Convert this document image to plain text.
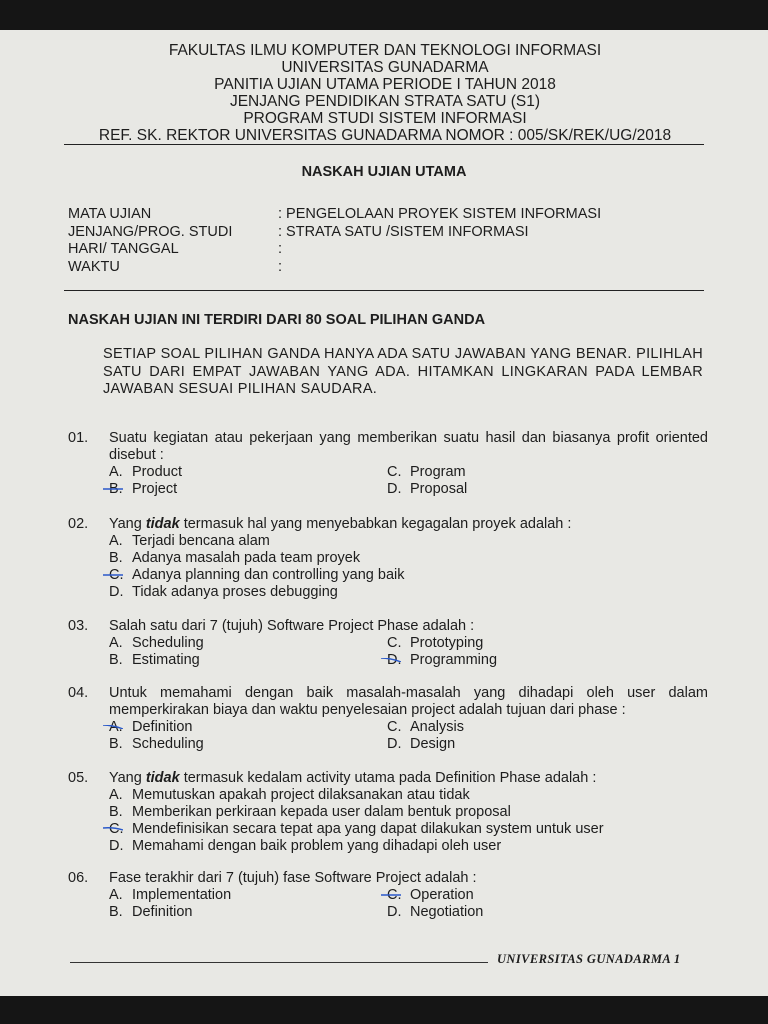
FAKULTAS ILMU KOMPUTER DAN TEKNOLOGI INFORMASI
UNIVERSITAS GUNADARMA
PANITIA UJIAN UTAMA PERIODE I TAHUN 2018
JENJANG PENDIDIKAN STRATA SATU (S1)
PROGRAM STUDI SISTEM INFORMASI
REF. SK. REKTOR UNIVERSITAS GUNADARMA NOMOR : 005/SK/REK/UG/2018
NASKAH UJIAN UTAMA
MATA UJIAN	: PENGELOLAAN PROYEK SISTEM INFORMASI
JENJANG/PROG. STUDI	: STRATA SATU /SISTEM INFORMASI
HARI/ TANGGAL	:
WAKTU	:
NASKAH UJIAN INI TERDIRI DARI 80 SOAL PILIHAN GANDA
SETIAP SOAL PILIHAN GANDA HANYA ADA SATU JAWABAN YANG BENAR. PILIHLAH SATU DARI EMPAT JAWABAN YANG ADA. HITAMKAN LINGKARAN PADA LEMBAR JAWABAN SESUAI PILIHAN SAUDARA.
01. Suatu kegiatan atau pekerjaan yang memberikan suatu hasil dan biasanya profit oriented disebut :
A. Product	C. Program
B. Project	D. Proposal
02. Yang tidak termasuk hal yang menyebabkan kegagalan proyek adalah :
A. Terjadi bencana alam
B. Adanya masalah pada team proyek
C. Adanya planning dan controlling yang baik
D. Tidak adanya proses debugging
03. Salah satu dari 7 (tujuh) Software Project Phase adalah :
A. Scheduling	C. Prototyping
B. Estimating	D. Programming
04. Untuk memahami dengan baik masalah-masalah yang dihadapi oleh user dalam memperkirakan biaya dan waktu penyelesaian project adalah tujuan dari phase :
A. Definition	C. Analysis
B. Scheduling	D. Design
05. Yang tidak termasuk kedalam activity utama pada Definition Phase adalah :
A. Memutuskan apakah project dilaksanakan atau tidak
B. Memberikan perkiraan kepada user dalam bentuk proposal
C. Mendefinisikan secara tepat apa yang dapat dilakukan system untuk user
D. Memahami dengan baik problem yang dihadapi oleh user
06. Fase terakhir dari 7 (tujuh) fase Software Project adalah :
A. Implementation	C. Operation
B. Definition	D. Negotiation
UNIVERSITAS GUNADARMA 1
